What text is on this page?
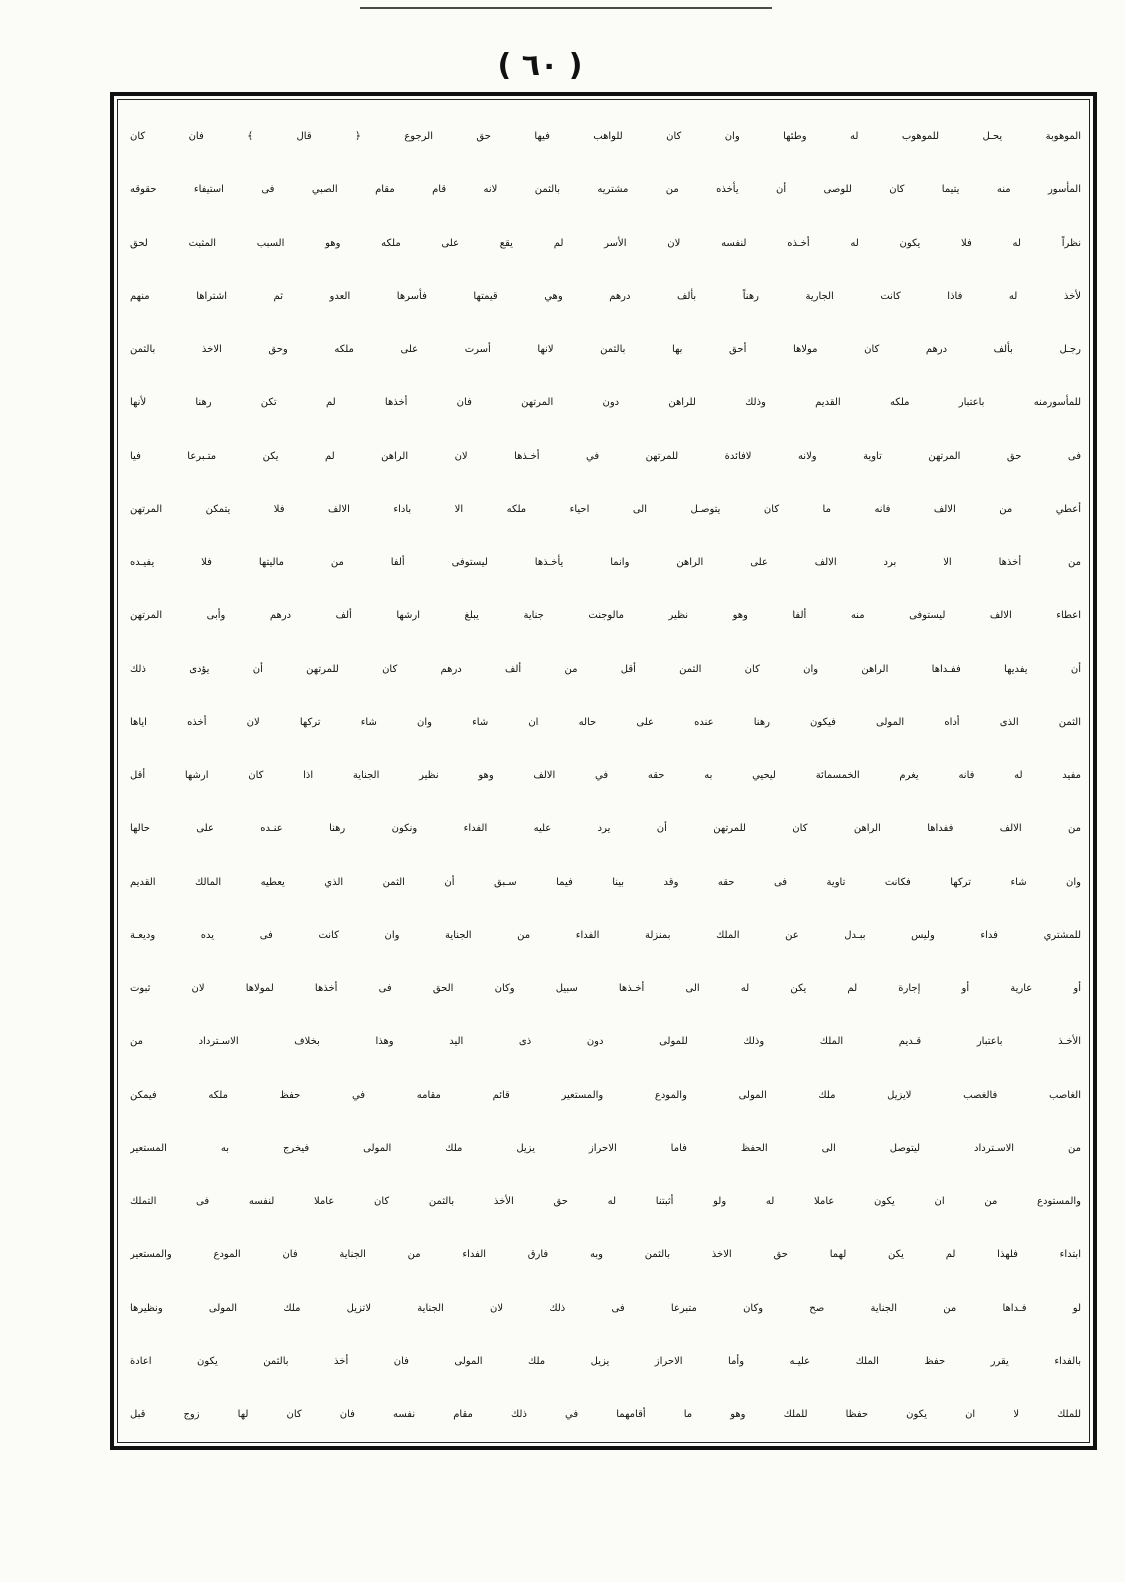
( ٦٠ )
الموهوبة يحـل للموهوب له وطئها وان كان للواهب فيها حق الرجوع ﴿ قال ﴾ فان كان
المأسور منه يتيما كان للوصى أن يأخذه من مشتريه بالثمن لانه قام مقام الصبي فى استيفاء حقوقه
نظراً له فلا يكون له أخـذه لنفسه لان الأسر لم يقع على ملكه وهو السبب المثبت لحق
لأخذ له فاذا كانت الجارية رهناً بألف درهم وهي قيمتها فأسرها العدو ثم اشتراها منهم
رجـل بألف درهم كان مولاها أحق بها بالثمن لانها أسرت على ملكه وحق الاخذ بالثمن
للمأسورمنه باعتبار ملكه القديم وذلك للراهن دون المرتهن فان أخذها لم تكن رهنا لأنها
فى حق المرتهن تاوية ولانه لافائدة للمرتهن في أخـذها لان الراهن لم يكن متـبرعا فيا
أعطي من الالف فانه ما كان يتوصـل الى احياء ملكه الا باداء الالف فلا يتمكن المرتهن
من أخذها الا برد الالف على الراهن وانما يأخـذها ليستوفى ألفا من ماليتها فلا يفيـده
اعطاء الالف ليستوفى منه ألفا وهو نظير مالوجنت جناية يبلغ ارشها ألف درهم وأبى المرتهن
أن يفديها ففـداها الراهن وان كان الثمن أقل من ألف درهم كان للمرتهن أن يؤدى ذلك
الثمن الذى أداه المولى فيكون رهنا عنده على حاله ان شاء وان شاء تركها لان أخذه اياها
مفيد له فانه يغرم الخمسمائة ليحيي به حقه في الالف وهو نظير الجناية اذا كان ارشها أقل
من الالف ففداها الراهن كان للمرتهن أن يرد عليه الفداء ونكون رهنا عنـده على حالها
وان شاء تركها فكانت تاوية فى حقه وقد بينا فيما سـبق أن الثمن الذي يعطيه المالك القديم
للمشتري فداء وليس ببـدل عن الملك بمنزلة الفداء من الجناية وان كانت فى يده وديعـة
أو عارية أو إجارة لم يكن له الى أخـذها سبيل وكان الحق فى أخذها لمولاها لان ثبوت
الأخـذ باعتبار قـديم الملك وذلك للمولى دون ذى اليد وهذا بخلاف الاسـترداد من
الغاصب فالغصب لايزيل ملك المولى والمودع والمستعير قائم مقامه في حفظ ملكه فيمكن
من الاسـترداد ليتوصل الى الحفظ فاما الاحراز يزيل ملك المولى فيخرج به المستعير
والمستودع من ان يكون عاملا له ولو أثبتنا له حق الأخذ بالثمن كان عاملا لنفسه فى التملك
ابتداء فلهذا لم يكن لهما حق الاخذ بالثمن وبه فارق الفداء من الجناية فان المودع والمستعير
لو فـداها من الجناية صح وكان متبرعا فى ذلك لان الجناية لاتزيل ملك المولى ونظيرها
بالفداء يقرر حفظ الملك عليـه وأما الاحراز يزيل ملك المولى فان أخذ بالثمن يكون اعادة
للملك لا ان يكون حفظا للملك وهو ما أقامهما في ذلك مقام نفسه فان كان لها زوج قبل
